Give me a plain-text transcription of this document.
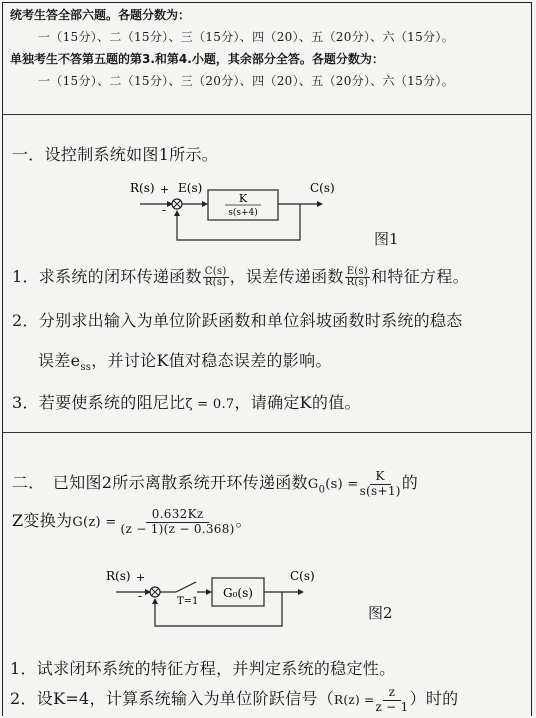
统考生答全部六题。各题分数为：
一（15分）、二（15分）、三（15分）、四（20）、五（20分）、六（15分）。
单独考生不答第五题的第3.和第4.小题，其余部分全答。各题分数为：
一（15分）、二（15分）、三（20分）、四（20）、五（20分）、六（15分）。
一．设控制系统如图1所示。
R(s) + E(s)	C(s)
-
K
s(s+4)
图1
1．求系统的闭环传递函数 $\frac{C(s)}{R(s)}$ ，误差传递函数 $\frac{E(s)}{R(s)}$ 和特征方程。
2．分别求出输入为单位阶跃函数和单位斜坡函数时系统的稳态
误差$e_{ss}$，并讨论K值对稳态误差的影响。
3．若要使系统的阻尼比ζ = 0.7，请确定K的值。
二．　已知图2所示离散系统开环传递函数$G_0(s) = \frac{K}{s(s+1)}$ 的
Z变换为$G(z) = \frac{0.632Kz}{(z - 1)(z - 0.368)}$ 。
R(s) +	C(s)
-	T=1
G₀(s)
图2
1．试求闭环系统的特征方程，并判定系统的稳定性。
2．设K=4，计算系统输入为单位阶跃信号（$R(z) = \frac{z}{z - 1}$ ）时的
